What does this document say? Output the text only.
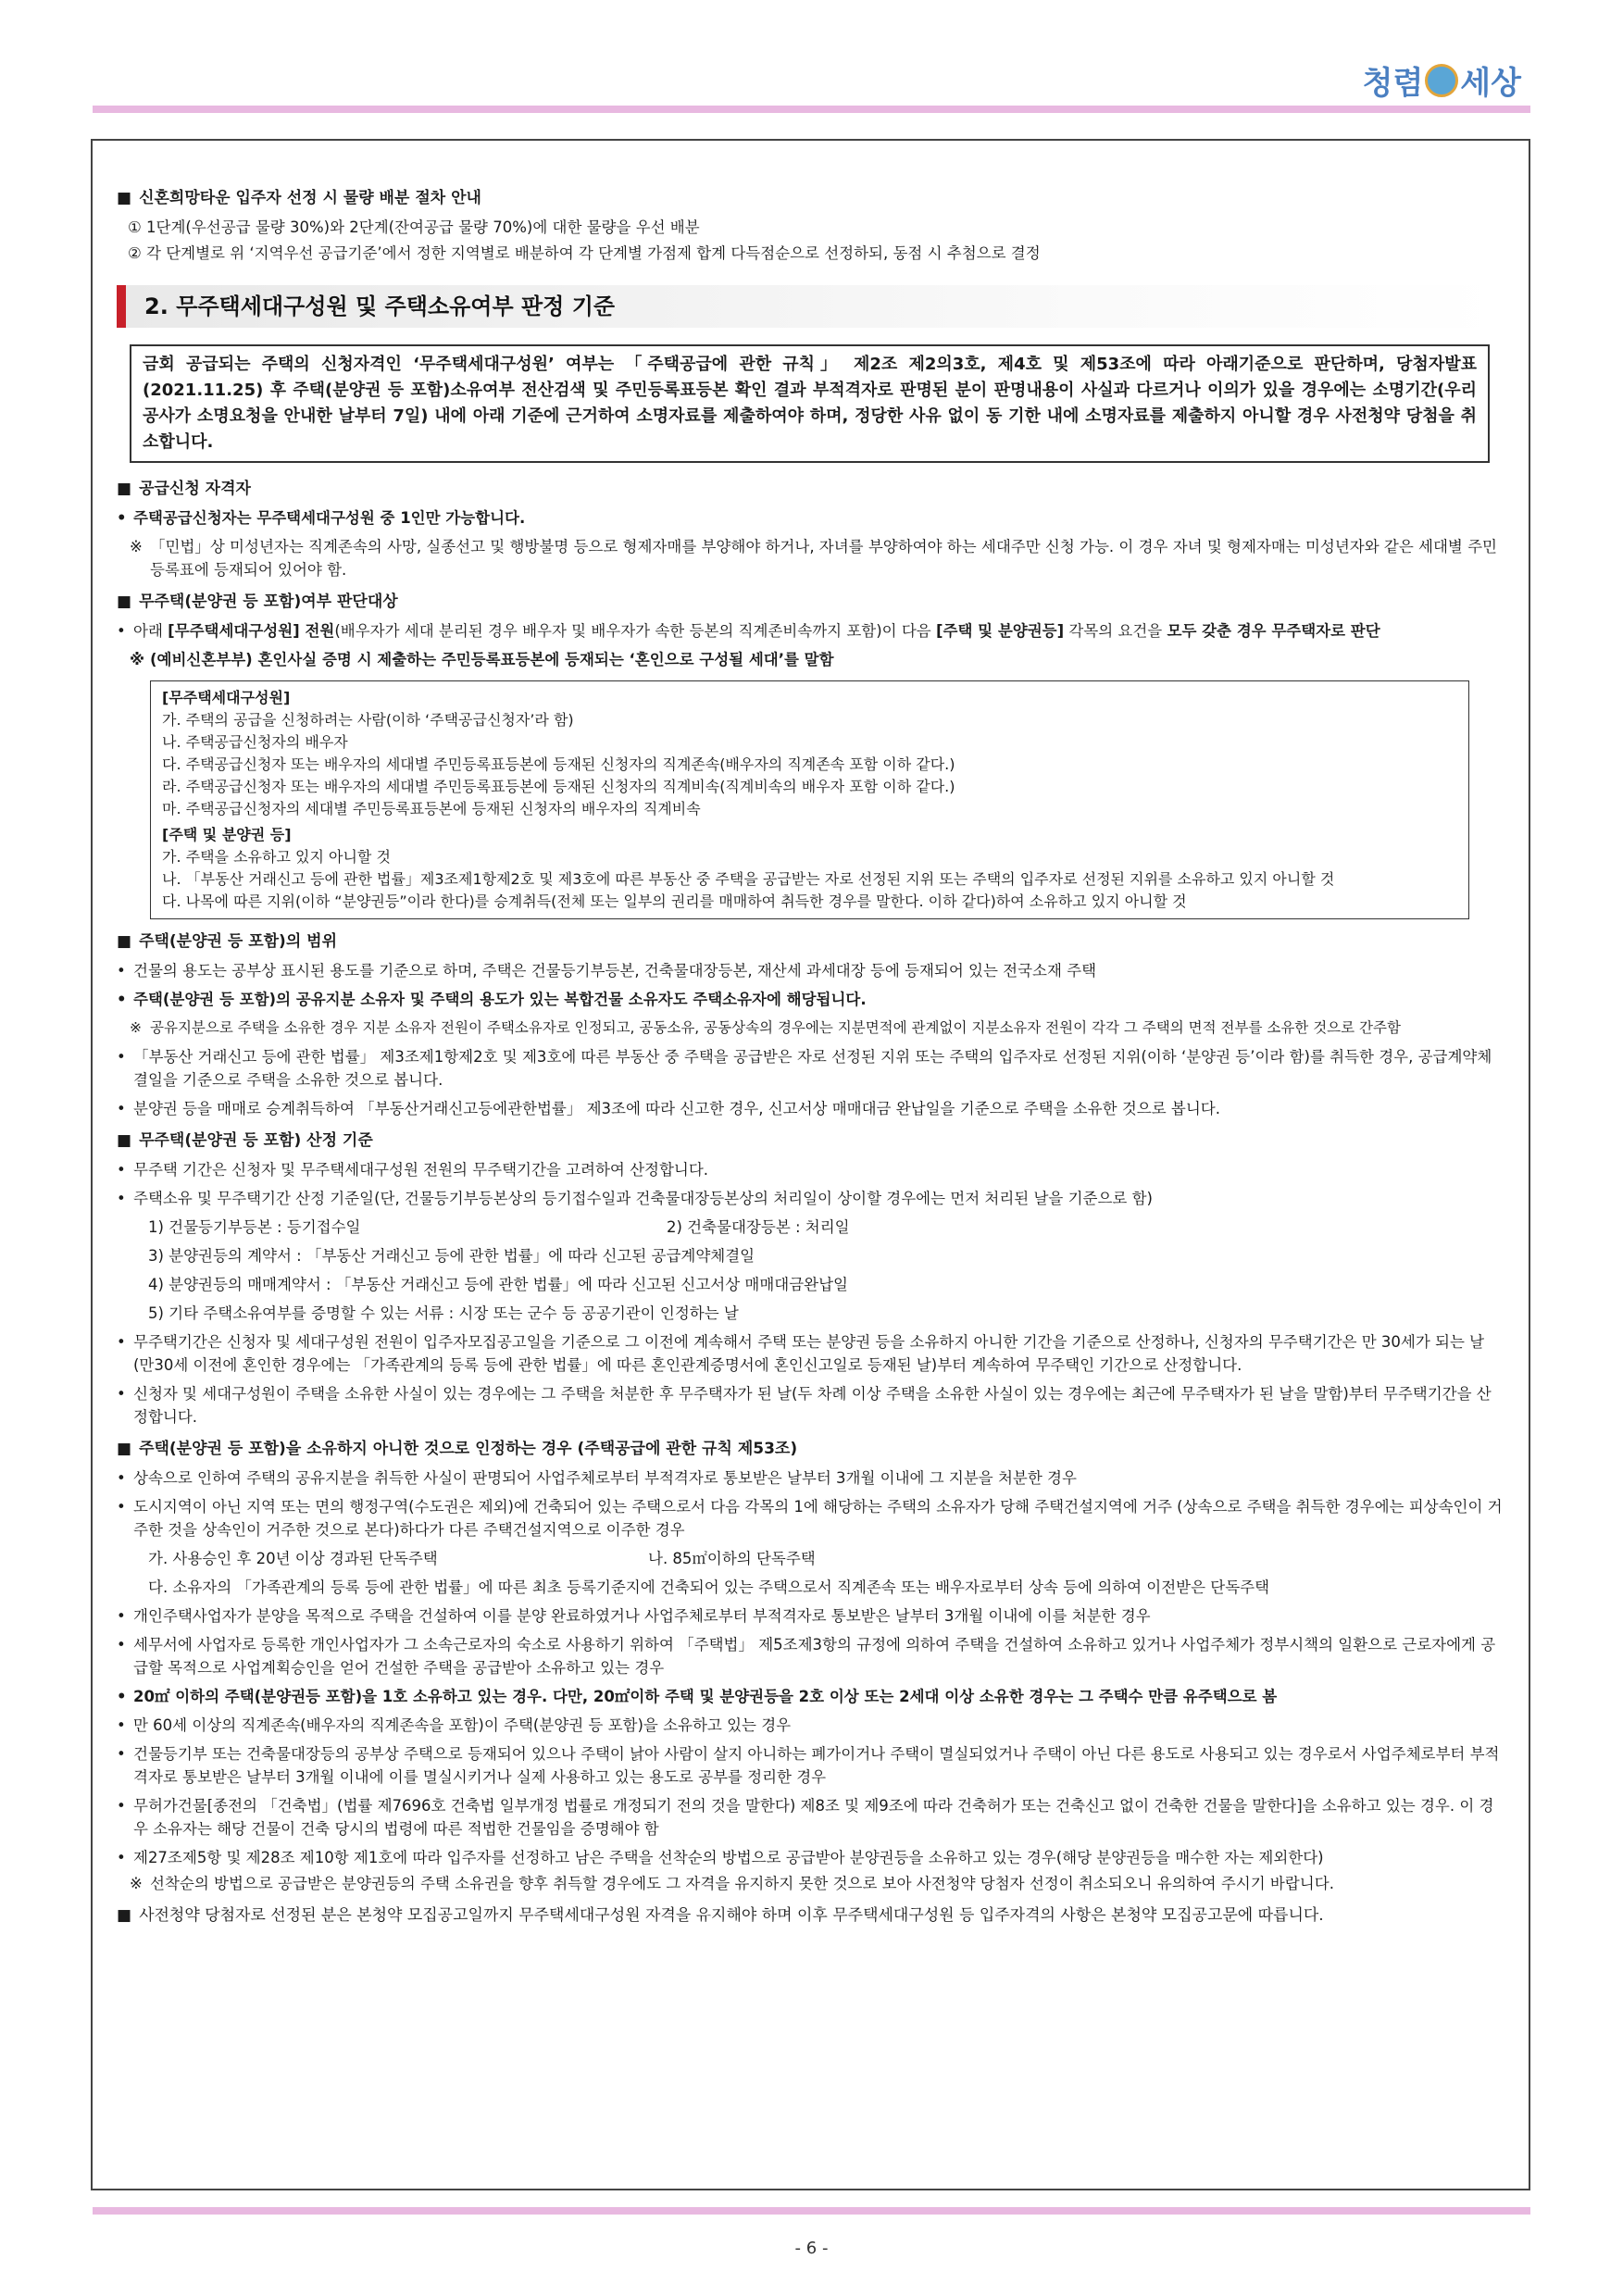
청렴 세상
■ 신혼희망타운 입주자 선정 시 물량 배분 절차 안내
① 1단계(우선공급 물량 30%)와 2단계(잔여공급 물량 70%)에 대한 물량을 우선 배분
② 각 단계별로 위 ‘지역우선 공급기준’에서 정한 지역별로 배분하여 각 단계별 가점제 합계 다득점순으로 선정하되, 동점 시 추첨으로 결정
2. 무주택세대구성원 및 주택소유여부 판정 기준
금회 공급되는 주택의 신청자격인 ‘무주택세대구성원’ 여부는 「주택공급에 관한 규칙」 제2조 제2의3호, 제4호 및 제53조에 따라 아래기준으로 판단하며, 당첨자발표(2021.11.25) 후 주택(분양권 등 포함)소유여부 전산검색 및 주민등록표등본 확인 결과 부적격자로 판명된 분이 판명내용이 사실과 다르거나 이의가 있을 경우에는 소명기간(우리 공사가 소명요청을 안내한 날부터 7일) 내에 아래 기준에 근거하여 소명자료를 제출하여야 하며, 정당한 사유 없이 동 기한 내에 소명자료를 제출하지 아니할 경우 사전청약 당첨을 취소합니다.
■ 공급신청 자격자
• 주택공급신청자는 무주택세대구성원 중 1인만 가능합니다.
※ 「민법」상 미성년자는 직계존속의 사망, 실종선고 및 행방불명 등으로 형제자매를 부양해야 하거나, 자녀를 부양하여야 하는 세대주만 신청 가능. 이 경우 자녀 및 형제자매는 미성년자와 같은 세대별 주민등록표에 등재되어 있어야 함.
■ 무주택(분양권 등 포함)여부 판단대상
• 아래 [무주택세대구성원] 전원(배우자가 세대 분리된 경우 배우자 및 배우자가 속한 등본의 직계존비속까지 포함)이 다음 [주택 및 분양권등] 각목의 요건을 모두 갖춘 경우 무주택자로 판단
※ (예비신혼부부) 혼인사실 증명 시 제출하는 주민등록표등본에 등재되는 ‘혼인으로 구성될 세대’를 말함
[무주택세대구성원]
가. 주택의 공급을 신청하려는 사람(이하 ‘주택공급신청자’라 함)
나. 주택공급신청자의 배우자
다. 주택공급신청자 또는 배우자의 세대별 주민등록표등본에 등재된 신청자의 직계존속(배우자의 직계존속 포함 이하 같다.)
라. 주택공급신청자 또는 배우자의 세대별 주민등록표등본에 등재된 신청자의 직계비속(직계비속의 배우자 포함 이하 같다.)
마. 주택공급신청자의 세대별 주민등록표등본에 등재된 신청자의 배우자의 직계비속
[주택 및 분양권 등]
가. 주택을 소유하고 있지 아니할 것
나. 「부동산 거래신고 등에 관한 법률」제3조제1항제2호 및 제3호에 따른 부동산 중 주택을 공급받는 자로 선정된 지위 또는 주택의 입주자로 선정된 지위를 소유하고 있지 아니할 것
다. 나목에 따른 지위(이하 “분양권등”이라 한다)를 승계취득(전체 또는 일부의 권리를 매매하여 취득한 경우를 말한다. 이하 같다)하여 소유하고 있지 아니할 것
■ 주택(분양권 등 포함)의 범위
• 건물의 용도는 공부상 표시된 용도를 기준으로 하며, 주택은 건물등기부등본, 건축물대장등본, 재산세 과세대장 등에 등재되어 있는 전국소재 주택
• 주택(분양권 등 포함)의 공유지분 소유자 및 주택의 용도가 있는 복합건물 소유자도 주택소유자에 해당됩니다.
※ 공유지분으로 주택을 소유한 경우 지분 소유자 전원이 주택소유자로 인정되고, 공동소유, 공동상속의 경우에는 지분면적에 관계없이 지분소유자 전원이 각각 그 주택의 면적 전부를 소유한 것으로 간주함
• 「부동산 거래신고 등에 관한 법률」 제3조제1항제2호 및 제3호에 따른 부동산 중 주택을 공급받은 자로 선정된 지위 또는 주택의 입주자로 선정된 지위(이하 ‘분양권 등’이라 함)를 취득한 경우, 공급계약체결일을 기준으로 주택을 소유한 것으로 봅니다.
• 분양권 등을 매매로 승계취득하여 「부동산거래신고등에관한법률」 제3조에 따라 신고한 경우, 신고서상 매매대금 완납일을 기준으로 주택을 소유한 것으로 봅니다.
■ 무주택(분양권 등 포함) 산정 기준
• 무주택 기간은 신청자 및 무주택세대구성원 전원의 무주택기간을 고려하여 산정합니다.
• 주택소유 및 무주택기간 산정 기준일(단, 건물등기부등본상의 등기접수일과 건축물대장등본상의 처리일이 상이할 경우에는 먼저 처리된 날을 기준으로 함)
1) 건물등기부등본 : 등기접수일	2) 건축물대장등본 : 처리일
3) 분양권등의 계약서 : 「부동산 거래신고 등에 관한 법률」에 따라 신고된 공급계약체결일
4) 분양권등의 매매계약서 : 「부동산 거래신고 등에 관한 법률」에 따라 신고된 신고서상 매매대금완납일
5) 기타 주택소유여부를 증명할 수 있는 서류 : 시장 또는 군수 등 공공기관이 인정하는 날
• 무주택기간은 신청자 및 세대구성원 전원이 입주자모집공고일을 기준으로 그 이전에 계속해서 주택 또는 분양권 등을 소유하지 아니한 기간을 기준으로 산정하나, 신청자의 무주택기간은 만 30세가 되는 날(만30세 이전에 혼인한 경우에는 「가족관계의 등록 등에 관한 법률」에 따른 혼인관계증명서에 혼인신고일로 등재된 날)부터 계속하여 무주택인 기간으로 산정합니다.
• 신청자 및 세대구성원이 주택을 소유한 사실이 있는 경우에는 그 주택을 처분한 후 무주택자가 된 날(두 차례 이상 주택을 소유한 사실이 있는 경우에는 최근에 무주택자가 된 날을 말함)부터 무주택기간을 산정합니다.
■ 주택(분양권 등 포함)을 소유하지 아니한 것으로 인정하는 경우 (주택공급에 관한 규칙 제53조)
• 상속으로 인하여 주택의 공유지분을 취득한 사실이 판명되어 사업주체로부터 부적격자로 통보받은 날부터 3개월 이내에 그 지분을 처분한 경우
• 도시지역이 아닌 지역 또는 면의 행정구역(수도권은 제외)에 건축되어 있는 주택으로서 다음 각목의 1에 해당하는 주택의 소유자가 당해 주택건설지역에 거주 (상속으로 주택을 취득한 경우에는 피상속인이 거주한 것을 상속인이 거주한 것으로 본다)하다가 다른 주택건설지역으로 이주한 경우
가. 사용승인 후 20년 이상 경과된 단독주택	나. 85㎡이하의 단독주택
다. 소유자의 「가족관계의 등록 등에 관한 법률」에 따른 최초 등록기준지에 건축되어 있는 주택으로서 직계존속 또는 배우자로부터 상속 등에 의하여 이전받은 단독주택
• 개인주택사업자가 분양을 목적으로 주택을 건설하여 이를 분양 완료하였거나 사업주체로부터 부적격자로 통보받은 날부터 3개월 이내에 이를 처분한 경우
• 세무서에 사업자로 등록한 개인사업자가 그 소속근로자의 숙소로 사용하기 위하여 「주택법」 제5조제3항의 규정에 의하여 주택을 건설하여 소유하고 있거나 사업주체가 정부시책의 일환으로 근로자에게 공급할 목적으로 사업계획승인을 얻어 건설한 주택을 공급받아 소유하고 있는 경우
• 20㎡ 이하의 주택(분양권등 포함)을 1호 소유하고 있는 경우. 다만, 20㎡이하 주택 및 분양권등을 2호 이상 또는 2세대 이상 소유한 경우는 그 주택수 만큼 유주택으로 봄
• 만 60세 이상의 직계존속(배우자의 직계존속을 포함)이 주택(분양권 등 포함)을 소유하고 있는 경우
• 건물등기부 또는 건축물대장등의 공부상 주택으로 등재되어 있으나 주택이 낡아 사람이 살지 아니하는 폐가이거나 주택이 멸실되었거나 주택이 아닌 다른 용도로 사용되고 있는 경우로서 사업주체로부터 부적격자로 통보받은 날부터 3개월 이내에 이를 멸실시키거나 실제 사용하고 있는 용도로 공부를 정리한 경우
• 무허가건물[종전의 「건축법」(법률 제7696호 건축법 일부개정 법률로 개정되기 전의 것을 말한다) 제8조 및 제9조에 따라 건축허가 또는 건축신고 없이 건축한 건물을 말한다]을 소유하고 있는 경우. 이 경우 소유자는 해당 건물이 건축 당시의 법령에 따른 적법한 건물임을 증명해야 함
• 제27조제5항 및 제28조 제10항 제1호에 따라 입주자를 선정하고 남은 주택을 선착순의 방법으로 공급받아 분양권등을 소유하고 있는 경우(해당 분양권등을 매수한 자는 제외한다)
※ 선착순의 방법으로 공급받은 분양권등의 주택 소유권을 향후 취득할 경우에도 그 자격을 유지하지 못한 것으로 보아 사전청약 당첨자 선정이 취소되오니 유의하여 주시기 바랍니다.
■ 사전청약 당첨자로 선정된 분은 본청약 모집공고일까지 무주택세대구성원 자격을 유지해야 하며 이후 무주택세대구성원 등 입주자격의 사항은 본청약 모집공고문에 따릅니다.
- 6 -
